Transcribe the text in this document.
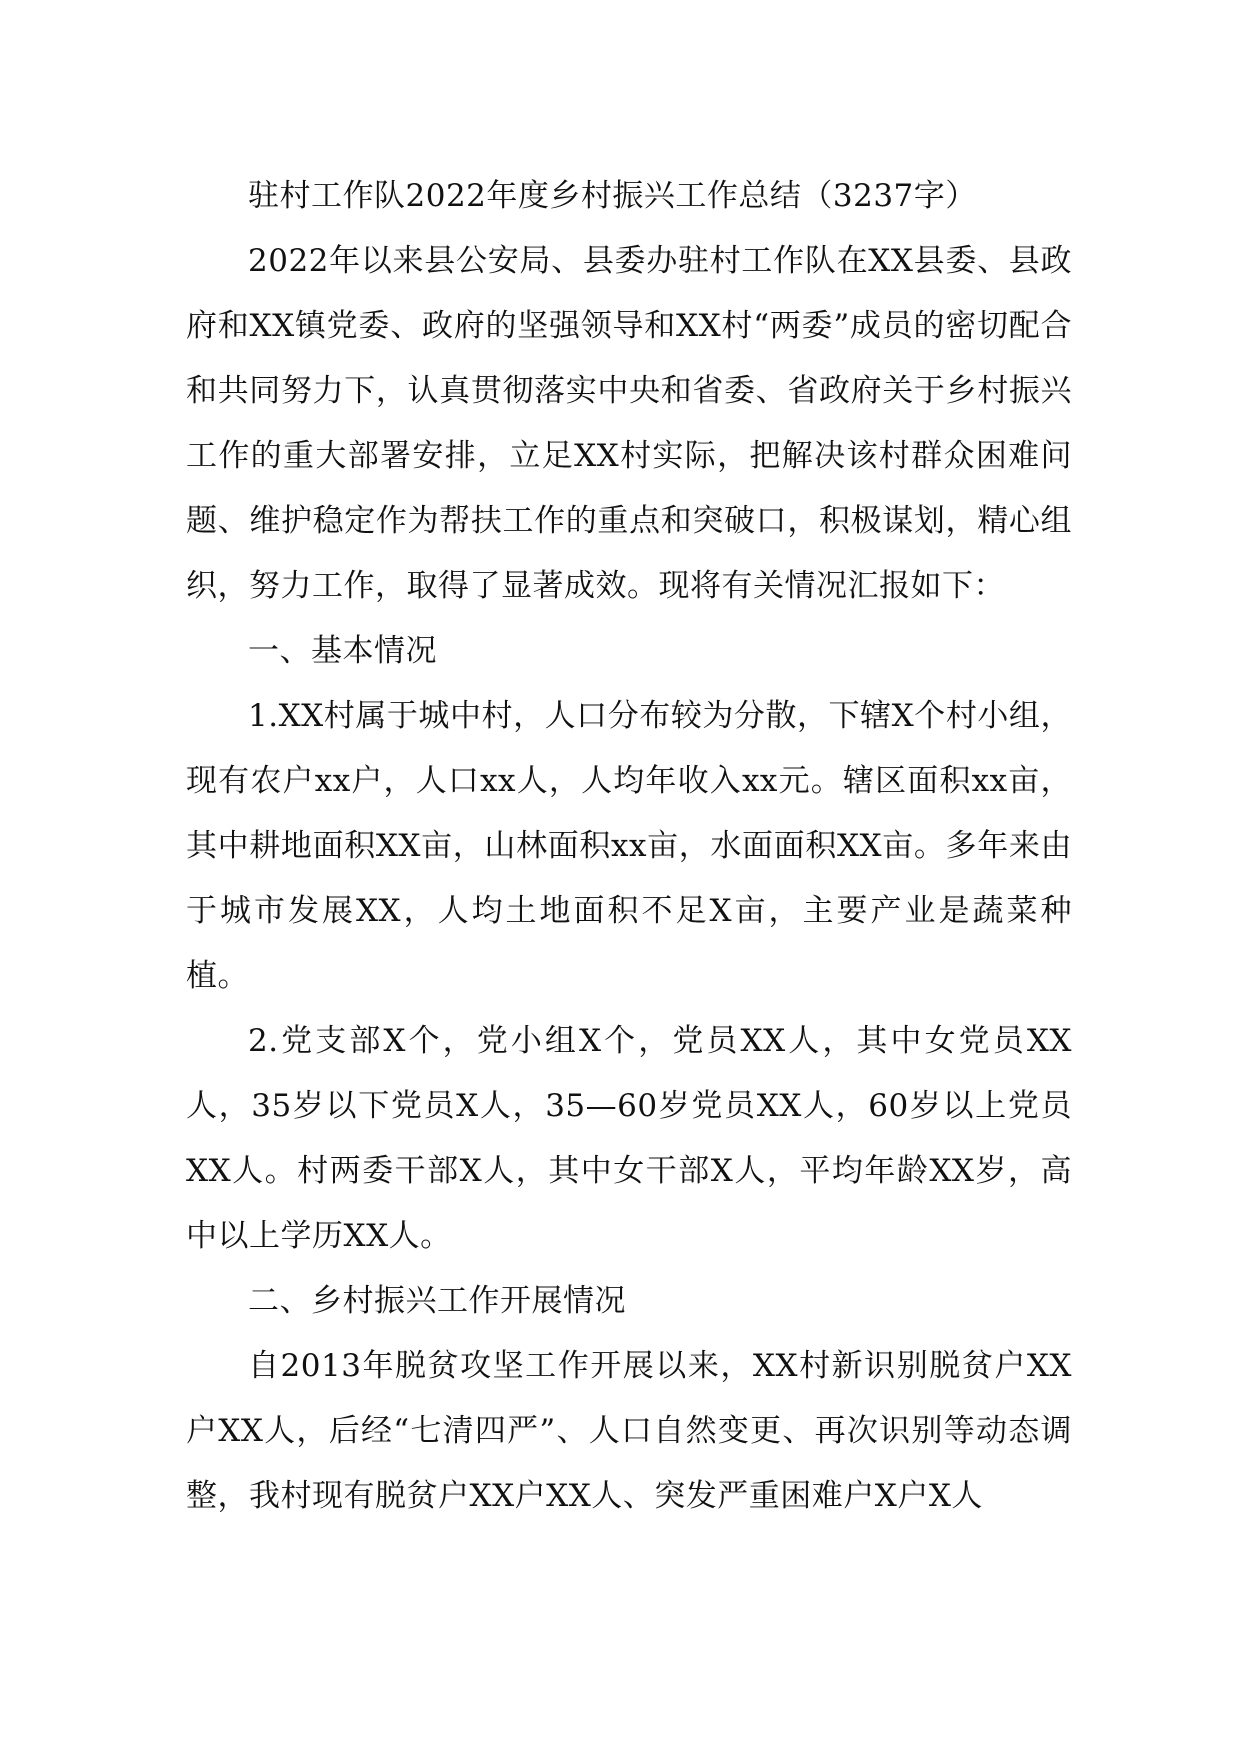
驻村工作队2022年度乡村振兴工作总结（3237字）

2022年以来县公安局、县委办驻村工作队在XX县委、县政府和XX镇党委、政府的坚强领导和XX村“两委”成员的密切配合和共同努力下，认真贯彻落实中央和省委、省政府关于乡村振兴工作的重大部署安排，立足XX村实际，把解决该村群众困难问题、维护稳定作为帮扶工作的重点和突破口，积极谋划，精心组织，努力工作，取得了显著成效。现将有关情况汇报如下：

一、基本情况

1.XX村属于城中村，人口分布较为分散，下辖X个村小组，现有农户xx户，人口xx人，人均年收入xx元。辖区面积xx亩，其中耕地面积XX亩，山林面积xx亩，水面面积XX亩。多年来由于城市发展XX，人均土地面积不足X亩，主要产业是蔬菜种植。

2.党支部X个，党小组X个，党员XX人，其中女党员XX人，35岁以下党员X人，35—60岁党员XX人，60岁以上党员XX人。村两委干部X人，其中女干部X人，平均年龄XX岁，高中以上学历XX人。

二、乡村振兴工作开展情况

自2013年脱贫攻坚工作开展以来，XX村新识别脱贫户XX户XX人，后经“七清四严”、人口自然变更、再次识别等动态调整，我村现有脱贫户XX户XX人、突发严重困难户X户X人
